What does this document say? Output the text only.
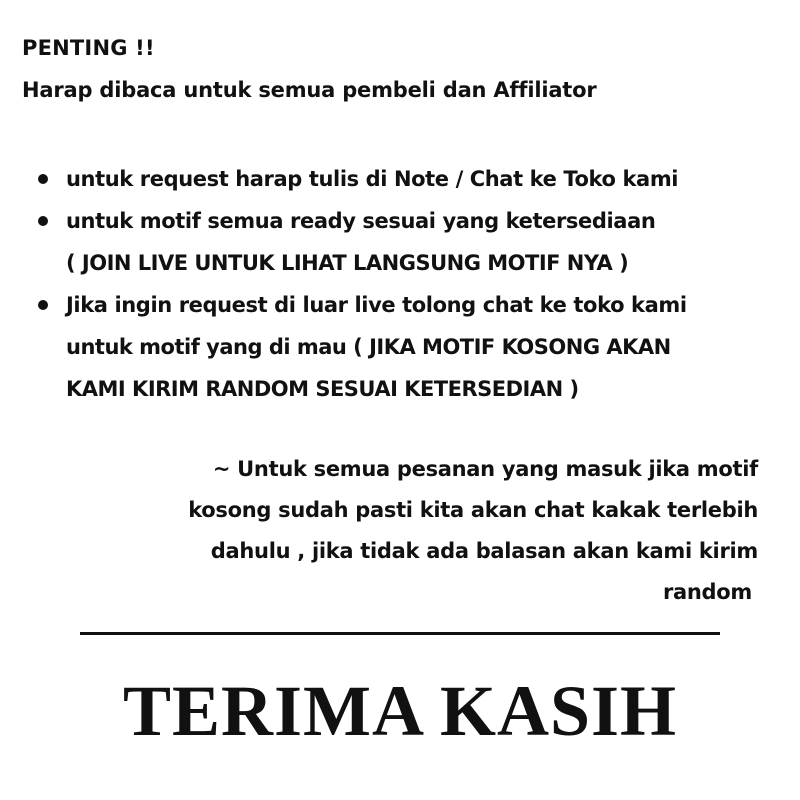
PENTING !!
Harap dibaca untuk semua pembeli dan Affiliator
untuk request harap tulis di Note / Chat ke Toko kami
untuk motif semua ready sesuai yang ketersediaan
( JOIN LIVE UNTUK LIHAT LANGSUNG MOTIF NYA )
Jika ingin request di luar live tolong chat ke toko kami
untuk motif yang di mau ( JIKA MOTIF KOSONG AKAN
KAMI KIRIM RANDOM SESUAI KETERSEDIAN )
~ Untuk semua pesanan yang masuk jika motif
kosong sudah pasti kita akan chat kakak terlebih
dahulu , jika tidak ada balasan akan kami kirim
random
TERIMA KASIH
